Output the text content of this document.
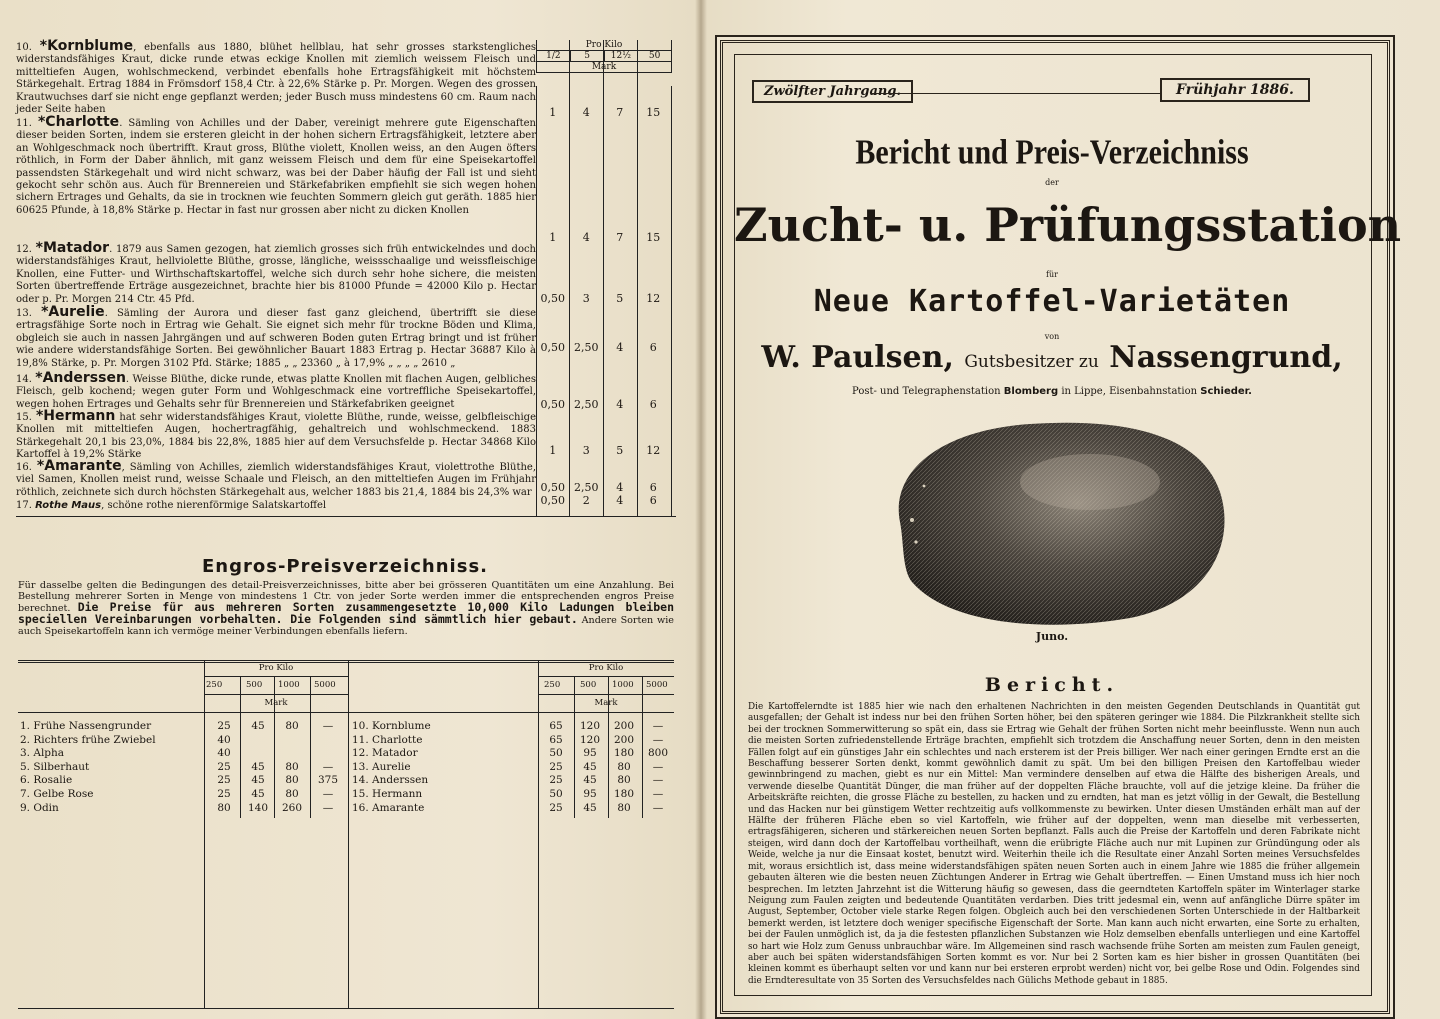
10. *Kornblume, ebenfalls aus 1880, blühet hellblau, hat sehr grosses starkstengliches widerstandsfähiges Kraut, dicke runde etwas eckige Knollen mit ziemlich weissem Fleisch und mitteltiefen Augen, wohlschmeckend, verbindet ebenfalls hohe Ertragsfähigkeit mit höchstem Stärkegehalt. Ertrag 1884 in Frömsdorf 158,4 Ctr. à 22,6% Stärke p. Pr. Morgen. Wegen des grossen Krautwuchses darf sie nicht enge gepflanzt werden; jeder Busch muss mindestens 60 cm. Raum nach jeder Seite haben
11. *Charlotte. Sämling von Achilles und der Daber, vereinigt mehrere gute Eigenschaften dieser beiden Sorten, indem sie ersteren gleicht in der hohen sichern Ertragsfähigkeit, letztere aber an Wohlgeschmack noch übertrifft. Kraut gross, Blüthe violett, Knollen weiss, an den Augen öfters röthlich, in Form der Daber ähnlich, mit ganz weissem Fleisch und dem für eine Speisekartoffel passendsten Stärkegehalt und wird nicht schwarz, was bei der Daber häufig der Fall ist und sieht gekocht sehr schön aus. Auch für Brennereien und Stärkefabriken empfiehlt sie sich wegen hohen sichern Ertrages und Gehalts, da sie in trocknen wie feuchten Sommern gleich gut geräth. 1885 hier 60625 Pfunde, à 18,8% Stärke p. Hectar in fast nur grossen aber nicht zu dicken Knollen
12. *Matador. 1879 aus Samen gezogen, hat ziemlich grosses sich früh entwickelndes und doch widerstandsfähiges Kraut, hellviolette Blüthe, grosse, längliche, weissschaalige und weissfleischige Knollen, eine Futter- und Wirthschaftskartoffel, welche sich durch sehr hohe sichere, die meisten Sorten übertreffende Erträge ausgezeichnet, brachte hier bis 81000 Pfunde = 42000 Kilo p. Hectar oder p. Pr. Morgen 214 Ctr. 45 Pfd.
13. *Aurelie. Sämling der Aurora und dieser fast ganz gleichend, übertrifft sie diese ertragsfähige Sorte noch in Ertrag wie Gehalt. Sie eignet sich mehr für trockne Böden und Klima, obgleich sie auch in nassen Jahrgängen und auf schweren Boden guten Ertrag bringt und ist früher wie andere widerstandsfähige Sorten. Bei gewöhnlicher Bauart 1883 Ertrag p. Hectar 36887 Kilo à 19,8% Stärke, p. Pr. Morgen 3102 Pfd. Stärke; 1885 „ „ 23360 „ à 17,9% „ „ „ „ 2610 „
14. *Anderssen. Weisse Blüthe, dicke runde, etwas platte Knollen mit flachen Augen, gelbliches Fleisch, gelb kochend; wegen guter Form und Wohlgeschmack eine vortreffliche Speisekartoffel, wegen hohen Ertrages und Gehalts sehr für Brennereien und Stärkefabriken geeignet
15. *Hermann hat sehr widerstandsfähiges Kraut, violette Blüthe, runde, weisse, gelbfleischige Knollen mit mitteltiefen Augen, hochertragfähig, gehaltreich und wohlschmeckend. 1883 Stärkegehalt 20,1 bis 23,0%, 1884 bis 22,8%, 1885 hier auf dem Versuchsfelde p. Hectar 34868 Kilo Kartoffel à 19,2% Stärke
16. *Amarante, Sämling von Achilles, ziemlich widerstandsfähiges Kraut, violettrothe Blüthe, viel Samen, Knollen meist rund, weisse Schaale und Fleisch, an den mitteltiefen Augen im Frühjahr röthlich, zeichnete sich durch höchsten Stärkegehalt aus, welcher 1883 bis 21,4, 1884 bis 24,3% war
17. Rothe Maus, schöne rothe nierenförmige Salatskartoffel
Pro Kilo
1/2	5	12½	50
Mark
1	4	7	15
1	4	7	15
0,50	3	5	12
0,50 2,50	4	6
0,50 2,50	4	6
1	3	5	12
0,50 2,50	4	6
0,50	2	4	6
Engros-Preisverzeichniss.
Für dasselbe gelten die Bedingungen des detail-Preisverzeichnisses, bitte aber bei grösseren Quantitäten um eine Anzahlung. Bei Bestellung mehrerer Sorten in Menge von mindestens 1 Ctr. von jeder Sorte werden immer die entsprechenden engros Preise berechnet. Die Preise für aus mehreren Sorten zusammengesetzte 10,000 Kilo Ladungen bleiben speciellen Vereinbarungen vorbehalten. Die Folgenden sind sämmtlich hier gebaut. Andere Sorten wie auch Speisekartoffeln kann ich vermöge meiner Verbindungen ebenfalls liefern.
Pro Kilo	Pro Kilo
250	500 1000 5000	250 500 1000 5000
Mark	Mark
1. Frühe Nassengrunder	25	45	80	—
2. Richters frühe Zwiebel	40
3. Alpha	40
5. Silberhaut	25	45	80	—
6. Rosalie	25	45	80	375
7. Gelbe Rose	25	45	80	—
9. Odin	80	140	260	—
10. Kornblume	65	120	200	—
11. Charlotte	65	120	200	—
12. Matador	50	95	180	800
13. Aurelie	25	45	80	—
14. Anderssen	25	45	80	—
15. Hermann	50	95	180	—
16. Amarante	25	45	80	—
Zwölfter Jahrgang.	Frühjahr 1886.
Bericht und Preis-Verzeichniss
der
Zucht- u. Prüfungsstation
für
Neue Kartoffel-Varietäten
von
W. Paulsen, Gutsbesitzer zu Nassengrund,
Post- und Telegraphenstation Blomberg in Lippe, Eisenbahnstation Schieder.
Juno.
Bericht.
Die Kartoffelerndte ist 1885 hier wie nach den erhaltenen Nachrichten in den meisten Gegenden Deutschlands in Quantität gut ausgefallen; der Gehalt ist indess nur bei den frühen Sorten höher, bei den späteren geringer wie 1884. Die Pilzkrankheit stellte sich bei der trocknen Sommerwitterung so spät ein, dass sie Ertrag wie Gehalt der frühen Sorten nicht mehr beeinflusste. Wenn nun auch die meisten Sorten zufriedenstellende Erträge brachten, empfiehlt sich trotzdem die Anschaffung neuer Sorten, denn in den meisten Fällen folgt auf ein günstiges Jahr ein schlechtes und nach ersterem ist der Preis billiger. Wer nach einer geringen Erndte erst an die Beschaffung besserer Sorten denkt, kommt gewöhnlich damit zu spät. Um bei den billigen Preisen den Kartoffelbau wieder gewinnbringend zu machen, giebt es nur ein Mittel: Man vermindere denselben auf etwa die Hälfte des bisherigen Areals, und verwende dieselbe Quantität Dünger, die man früher auf der doppelten Fläche brauchte, voll auf die jetzige kleine. Da früher die Arbeitskräfte reichten, die grosse Fläche zu bestellen, zu hacken und zu erndten, hat man es jetzt völlig in der Gewalt, die Bestellung und das Hacken nur bei günstigem Wetter rechtzeitig aufs vollkommenste zu bewirken. Unter diesen Umständen erhält man auf der Hälfte der früheren Fläche eben so viel Kartoffeln, wie früher auf der doppelten, wenn man dieselbe mit verbesserten, ertragsfähigeren, sicheren und stärkereichen neuen Sorten bepflanzt. Falls auch die Preise der Kartoffeln und deren Fabrikate nicht steigen, wird dann doch der Kartoffelbau vortheilhaft, wenn die erübrigte Fläche auch nur mit Lupinen zur Gründüngung oder als Weide, welche ja nur die Einsaat kostet, benutzt wird. Weiterhin theile ich die Resultate einer Anzahl Sorten meines Versuchsfeldes mit, woraus ersichtlich ist, dass meine widerstandsfähigen späten neuen Sorten auch in einem Jahre wie 1885 die früher allgemein gebauten älteren wie die besten neuen Züchtungen Anderer in Ertrag wie Gehalt übertreffen. — Einen Umstand muss ich hier noch besprechen. Im letzten Jahrzehnt ist die Witterung häufig so gewesen, dass die geerndteten Kartoffeln später im Winterlager starke Neigung zum Faulen zeigten und bedeutende Quantitäten verdarben. Dies tritt jedesmal ein, wenn auf anfängliche Dürre später im August, September, October viele starke Regen folgen. Obgleich auch bei den verschiedenen Sorten Unterschiede in der Haltbarkeit bemerkt werden, ist letztere doch weniger specifische Eigenschaft der Sorte. Man kann auch nicht erwarten, eine Sorte zu erhalten, bei der Faulen unmöglich ist, da ja die festesten pflanzlichen Substanzen wie Holz demselben ebenfalls unterliegen und eine Kartoffel so hart wie Holz zum Genuss unbrauchbar wäre. Im Allgemeinen sind rasch wachsende frühe Sorten am meisten zum Faulen geneigt, aber auch bei späten widerstandsfähigen Sorten kommt es vor. Nur bei 2 Sorten kam es hier bisher in grossen Quantitäten (bei kleinen kommt es überhaupt selten vor und kann nur bei ersteren erprobt werden) nicht vor, bei gelbe Rose und Odin. Folgendes sind die Erndteresultate von 35 Sorten des Versuchsfeldes nach Gülichs Methode gebaut in 1885.
